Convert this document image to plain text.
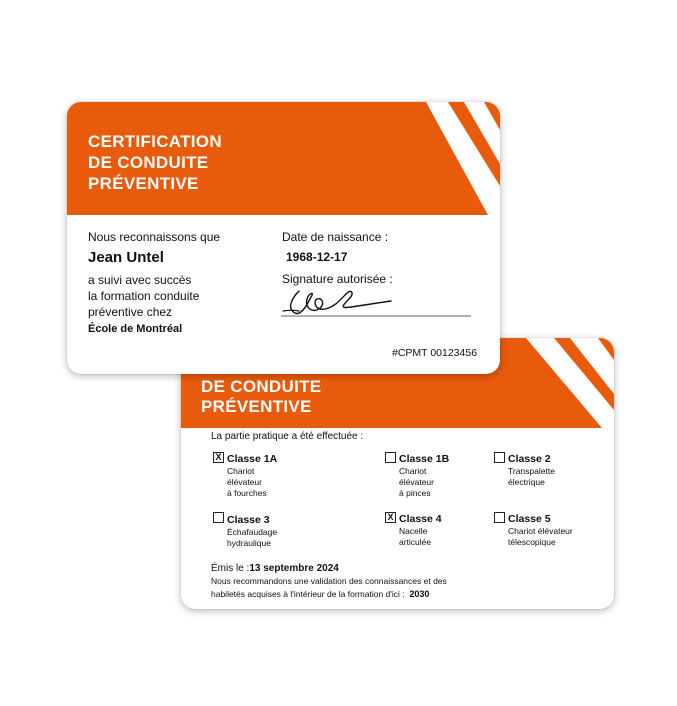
DE CONDUITE
PRÉVENTIVE
La partie pratique a été effectuée :
X Classe 1A
Chariot
élévateur
à fourches
Classe 1B
Chariot
élévateur
à pinces
Classe 2
Transpalette
électrique
Classe 3
Échafaudage
hydraulique
X Classe 4
Nacelle
articulée
Classe 5
Chariot élévateur
télescopique
Émis le :13 septembre 2024
Nous recommandons une validation des connaissances et des
habiletés acquises à l'intérieur de la formation d'ici : 2030
CERTIFICATION
DE CONDUITE
PRÉVENTIVE
Nous reconnaissons que
Jean Untel
a suivi avec succès
la formation conduite
préventive chez
École de Montréal
Date de naissance :
1968-12-17
Signature autorisée :
#CPMT 00123456
